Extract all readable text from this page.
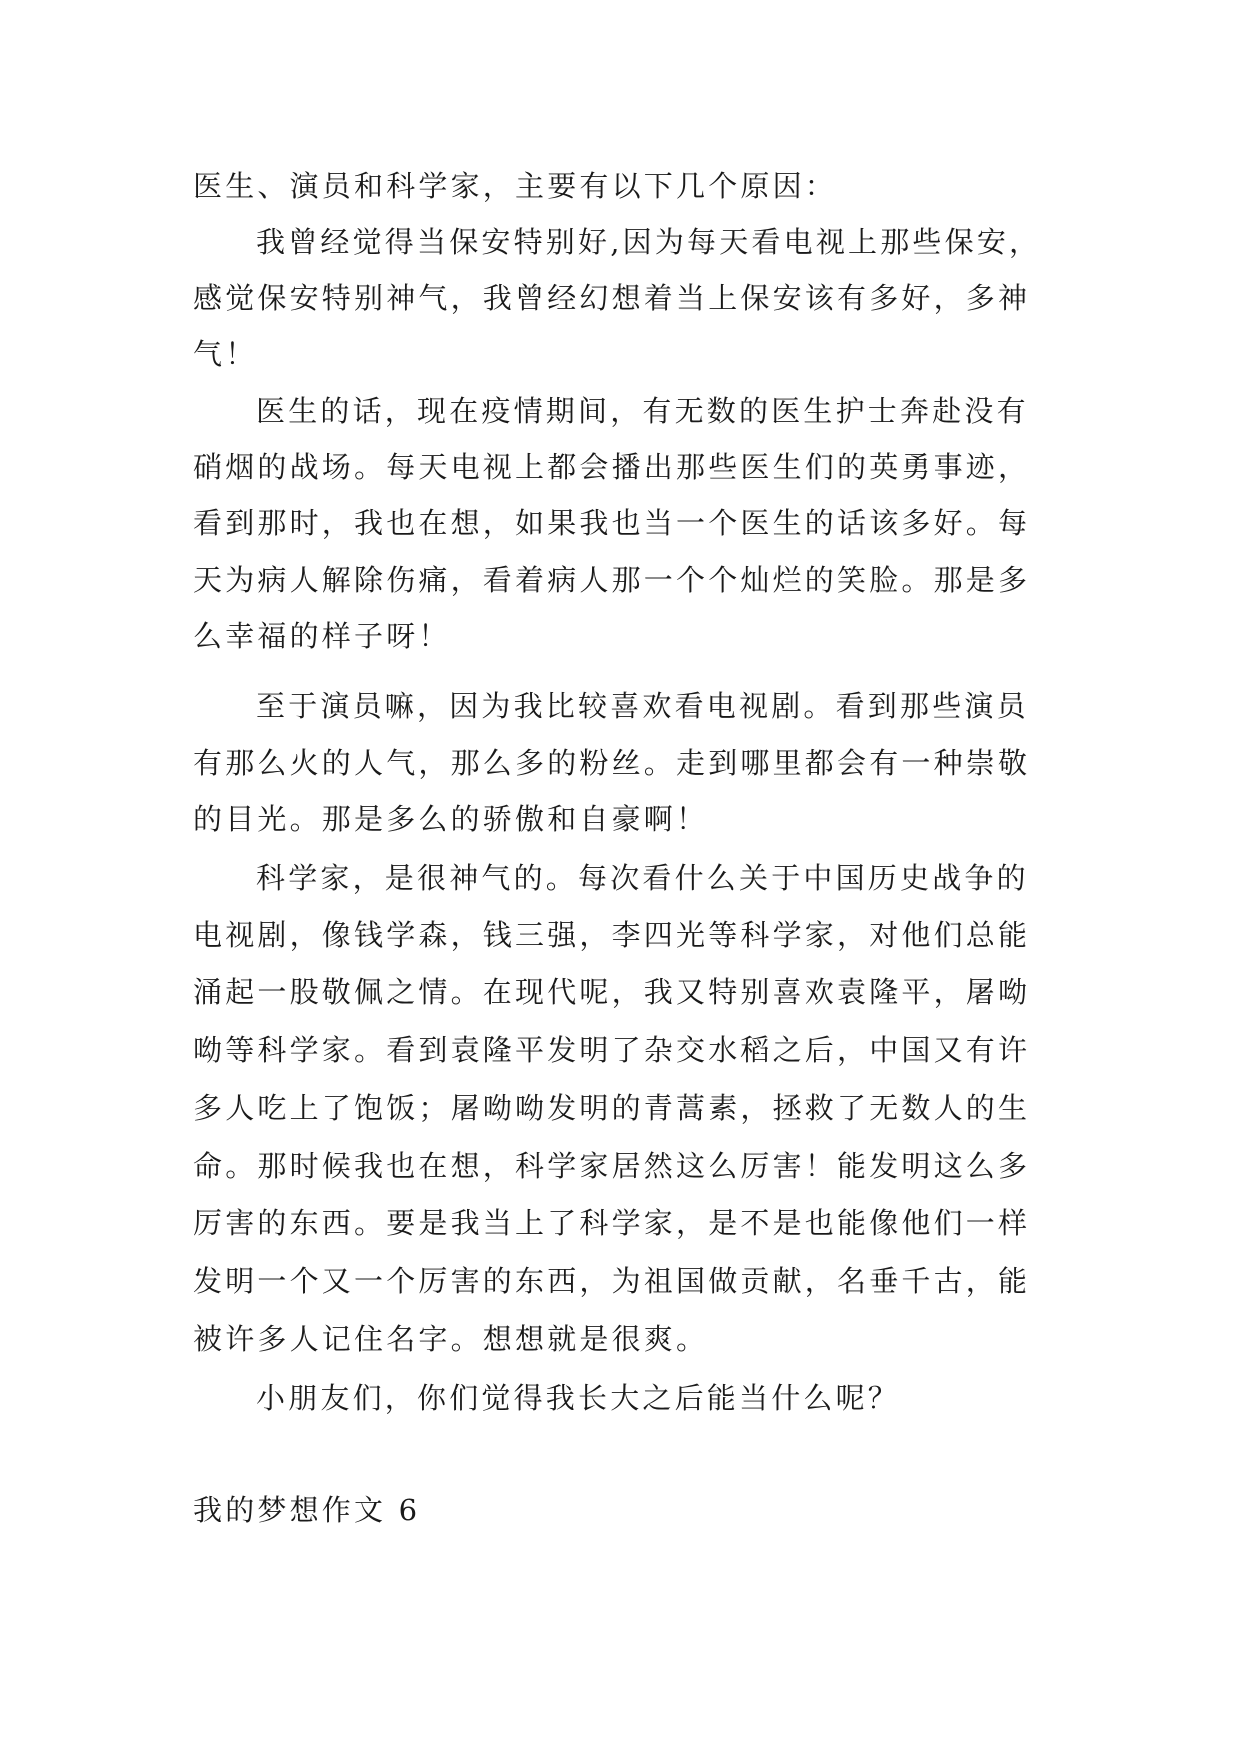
医生、演员和科学家，主要有以下几个原因：
我曾经觉得当保安特别好,因为每天看电视上那些保安，
感觉保安特别神气，我曾经幻想着当上保安该有多好，多神
气！
医生的话，现在疫情期间，有无数的医生护士奔赴没有
硝烟的战场。每天电视上都会播出那些医生们的英勇事迹，
看到那时，我也在想，如果我也当一个医生的话该多好。每
天为病人解除伤痛，看着病人那一个个灿烂的笑脸。那是多
么幸福的样子呀！
至于演员嘛，因为我比较喜欢看电视剧。看到那些演员
有那么火的人气，那么多的粉丝。走到哪里都会有一种崇敬
的目光。那是多么的骄傲和自豪啊！
科学家，是很神气的。每次看什么关于中国历史战争的
电视剧，像钱学森，钱三强，李四光等科学家，对他们总能
涌起一股敬佩之情。在现代呢，我又特别喜欢袁隆平，屠呦
呦等科学家。看到袁隆平发明了杂交水稻之后，中国又有许
多人吃上了饱饭；屠呦呦发明的青蒿素，拯救了无数人的生
命。那时候我也在想，科学家居然这么厉害！能发明这么多
厉害的东西。要是我当上了科学家，是不是也能像他们一样
发明一个又一个厉害的东西，为祖国做贡献，名垂千古，能
被许多人记住名字。想想就是很爽。
小朋友们，你们觉得我长大之后能当什么呢？
我的梦想作文 6
